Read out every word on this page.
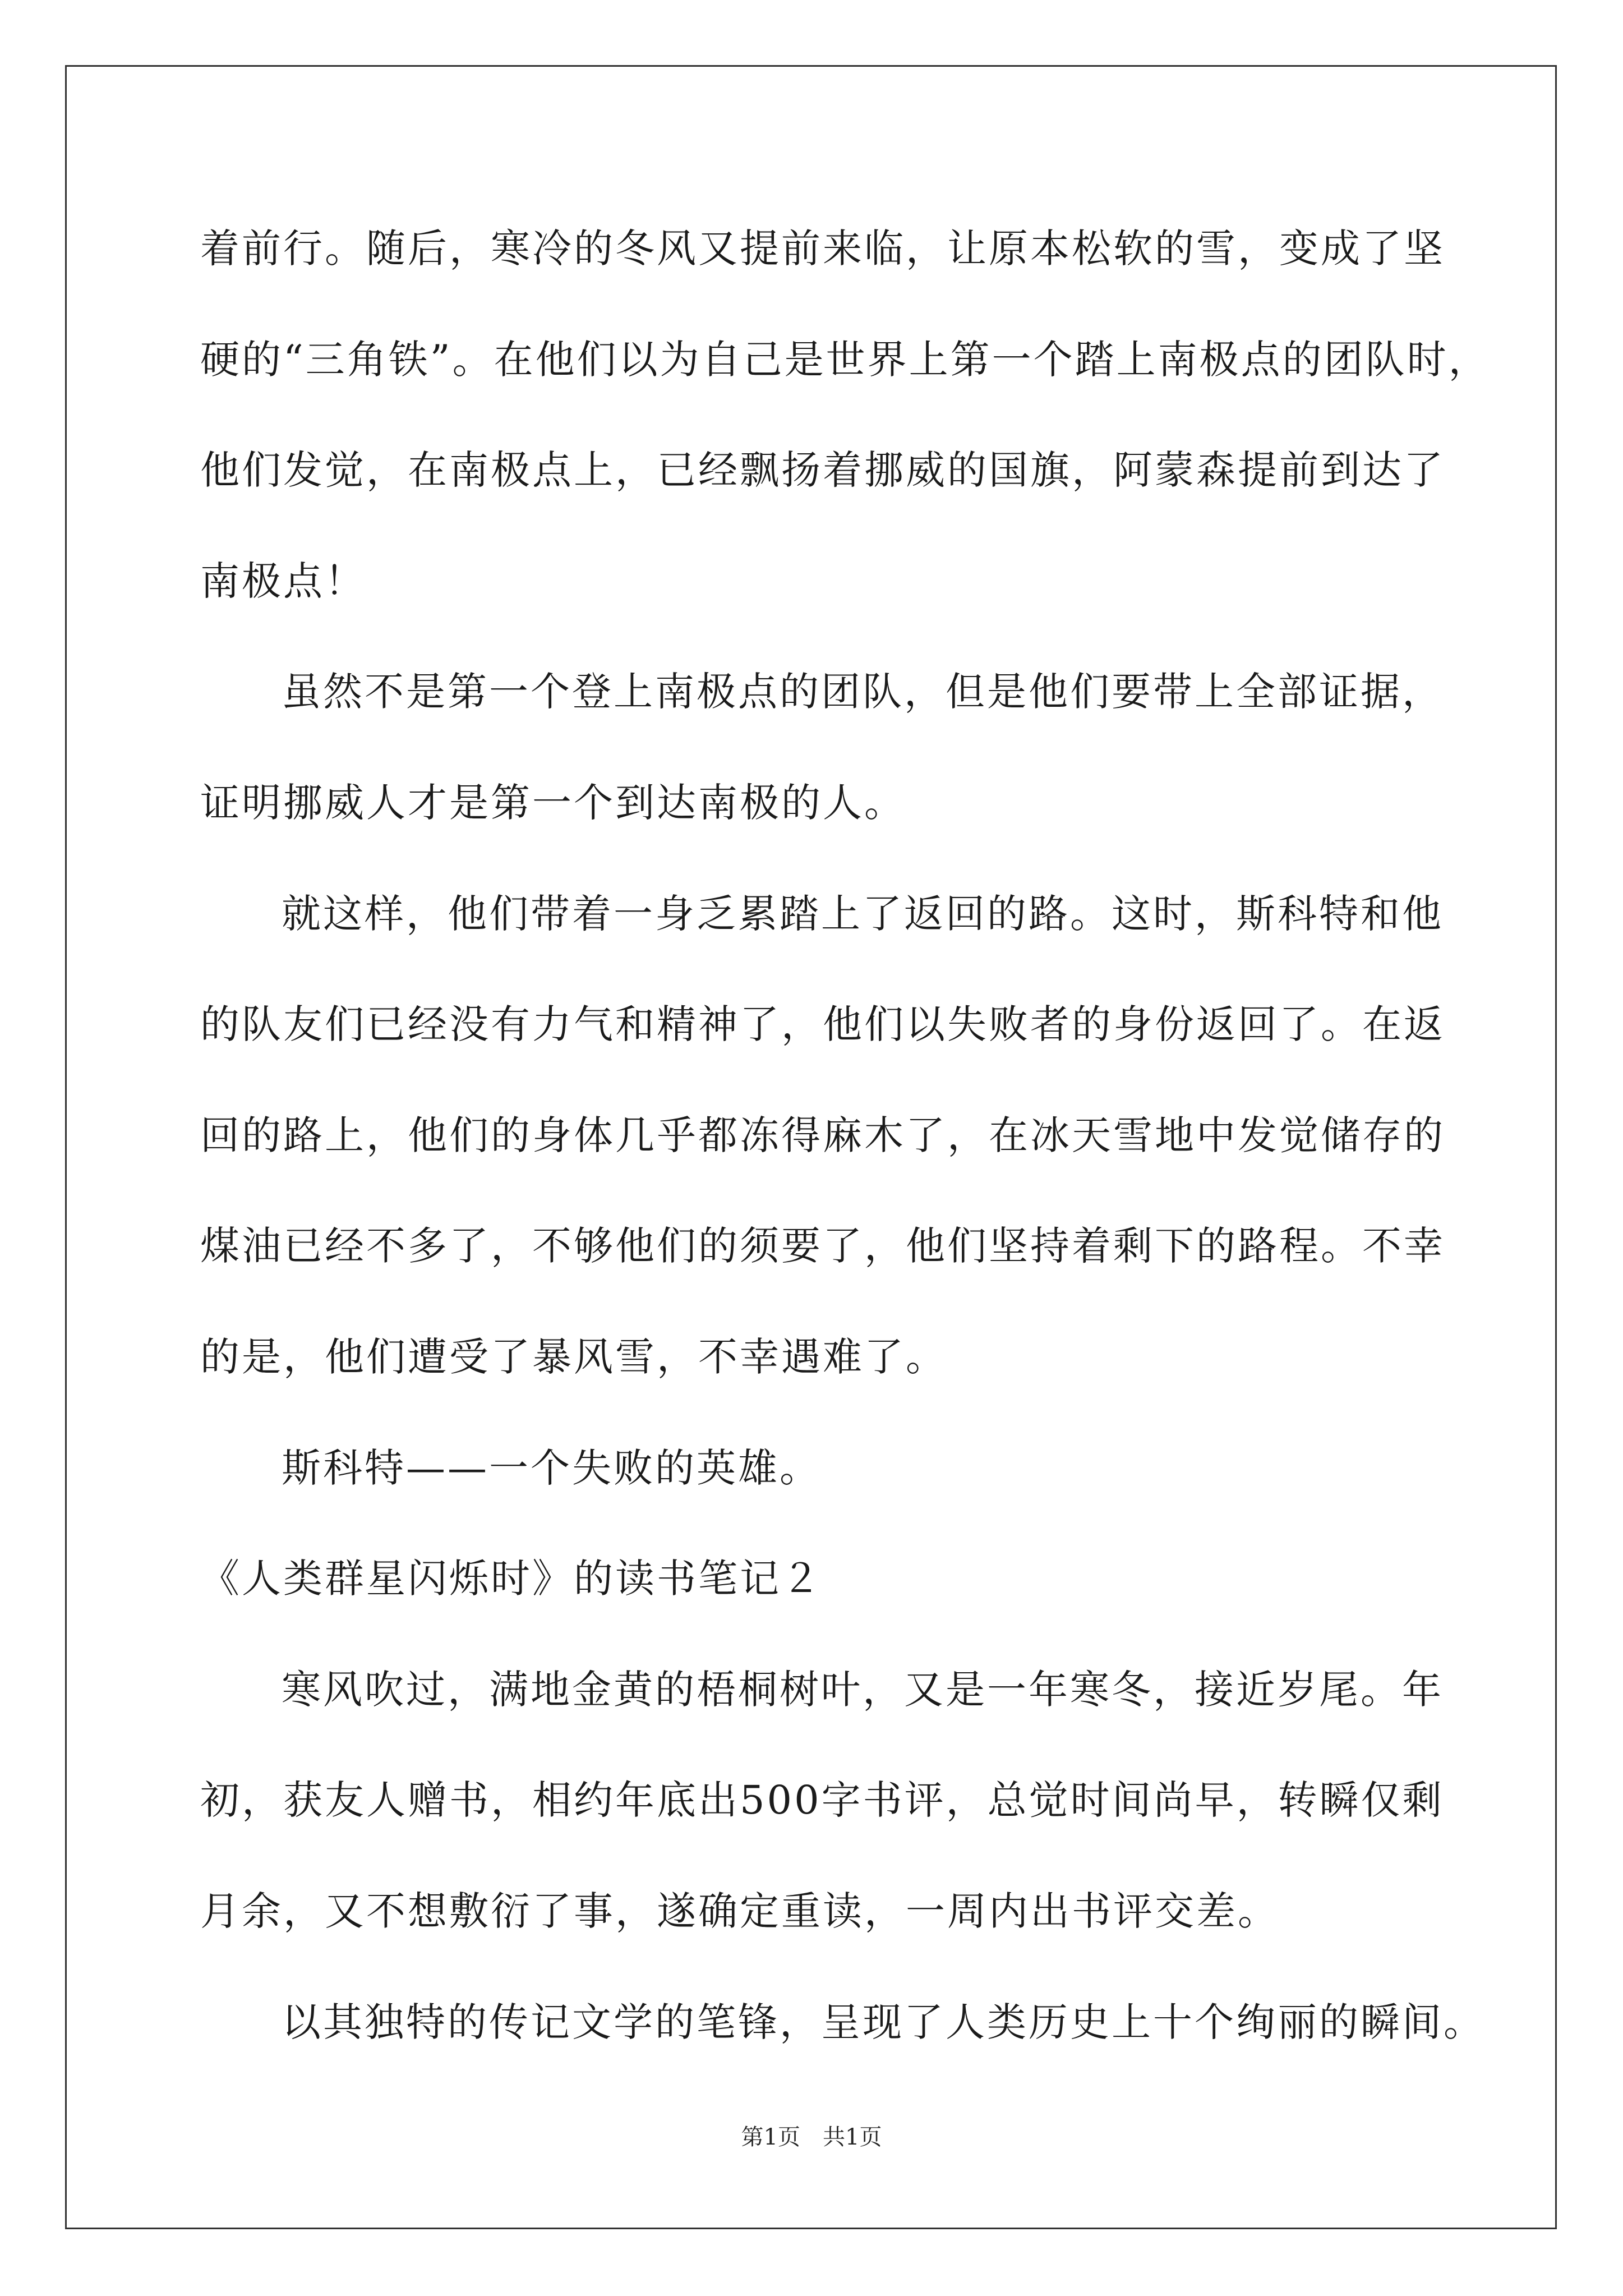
着前行。随后，寒冷的冬风又提前来临，让原本松软的雪，变成了坚
硬的“三角铁”。在他们以为自己是世界上第一个踏上南极点的团队时，
他们发觉，在南极点上，已经飘扬着挪威的国旗，阿蒙森提前到达了
南极点！
虽然不是第一个登上南极点的团队，但是他们要带上全部证据，
证明挪威人才是第一个到达南极的人。
就这样，他们带着一身乏累踏上了返回的路。这时，斯科特和他
的队友们已经没有力气和精神了，他们以失败者的身份返回了。在返
回的路上，他们的身体几乎都冻得麻木了，在冰天雪地中发觉储存的
煤油已经不多了，不够他们的须要了，他们坚持着剩下的路程。不幸
的是，他们遭受了暴风雪，不幸遇难了。
斯科特——一个失败的英雄。
《人类群星闪烁时》的读书笔记２
寒风吹过，满地金黄的梧桐树叶，又是一年寒冬，接近岁尾。年
初，获友人赠书，相约年底出500字书评，总觉时间尚早，转瞬仅剩
月余，又不想敷衍了事，遂确定重读，一周内出书评交差。
以其独特的传记文学的笔锋，呈现了人类历史上十个绚丽的瞬间。
第1页　共1页
